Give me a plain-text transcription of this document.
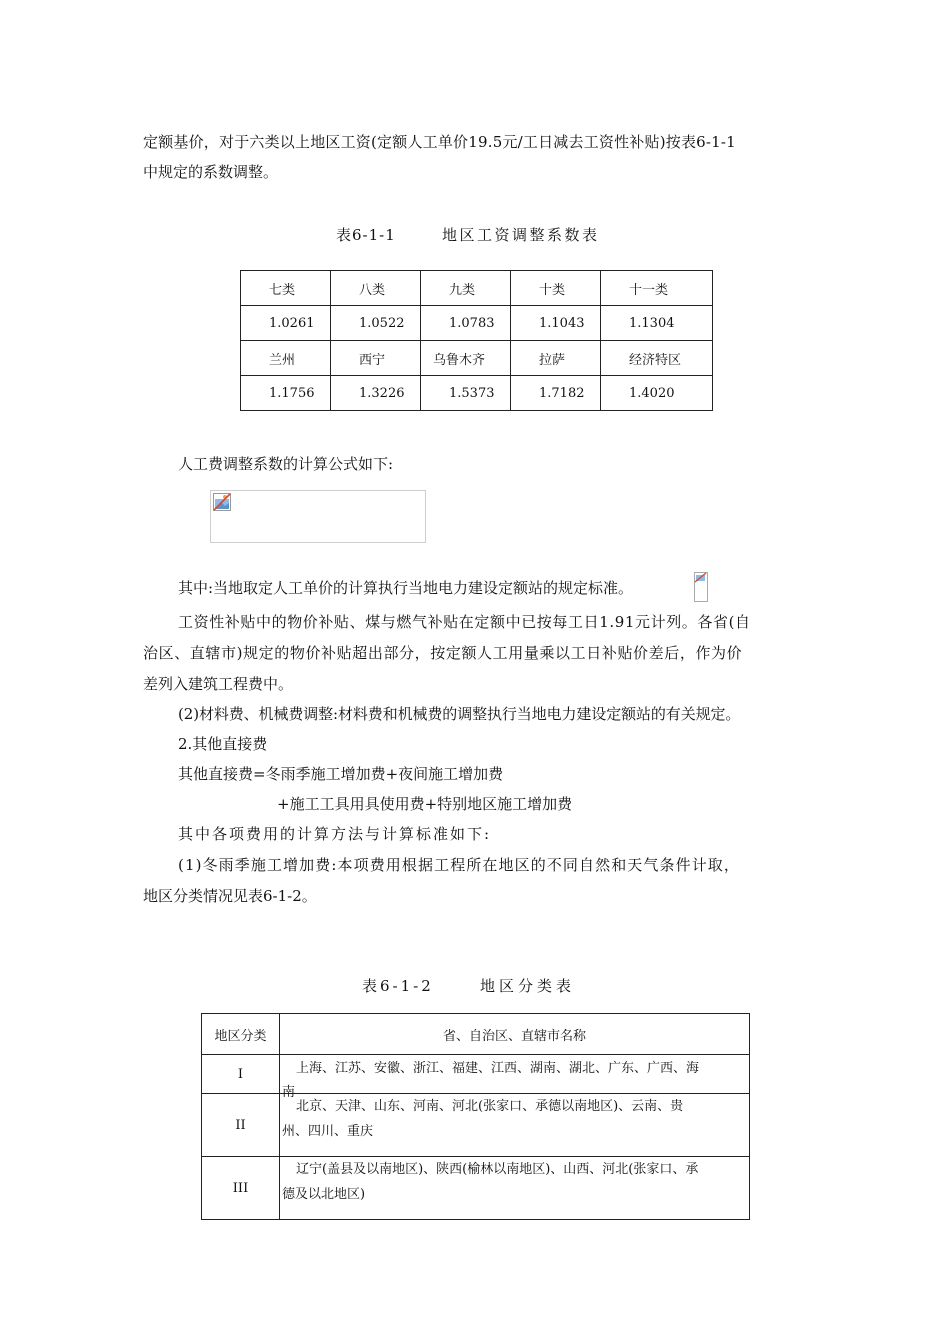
定额基价，对于六类以上地区工资(定额人工单价19.5元/工日减去工资性补贴)按表6-1-1
中规定的系数调整。
表6-1-1	地区工资调整系数表
七类	八类	九类	十类	十一类
1.0261	1.0522	1.0783	1.1043	1.1304
兰州	西宁	乌鲁木齐	拉萨	经济特区
1.1756	1.3226	1.5373	1.7182	1.4020
人工费调整系数的计算公式如下:
其中:当地取定人工单价的计算执行当地电力建设定额站的规定标准。
工资性补贴中的物价补贴、煤与燃气补贴在定额中已按每工日1.91元计列。各省(自
治区、直辖市)规定的物价补贴超出部分，按定额人工用量乘以工日补贴价差后，作为价
差列入建筑工程费中。
(2)材料费、机械费调整:材料费和机械费的调整执行当地电力建设定额站的有关规定。
2.其他直接费
其他直接费=冬雨季施工增加费+夜间施工增加费
+施工工具用具使用费+特别地区施工增加费
其中各项费用的计算方法与计算标准如下:
(1)冬雨季施工增加费:本项费用根据工程所在地区的不同自然和天气条件计取，
地区分类情况见表6-1-2。
表6-1-2	地区分类表
地区分类	省、自治区、直辖市名称
I	上海、江苏、安徽、浙江、福建、江西、湖南、湖北、广东、广西、海
南

II	北京、天津、山东、河南、河北(张家口、承德以南地区)、云南、贵
州、四川、重庆

III	辽宁(盖县及以南地区)、陕西(榆林以南地区)、山西、河北(张家口、承
德及以北地区)
